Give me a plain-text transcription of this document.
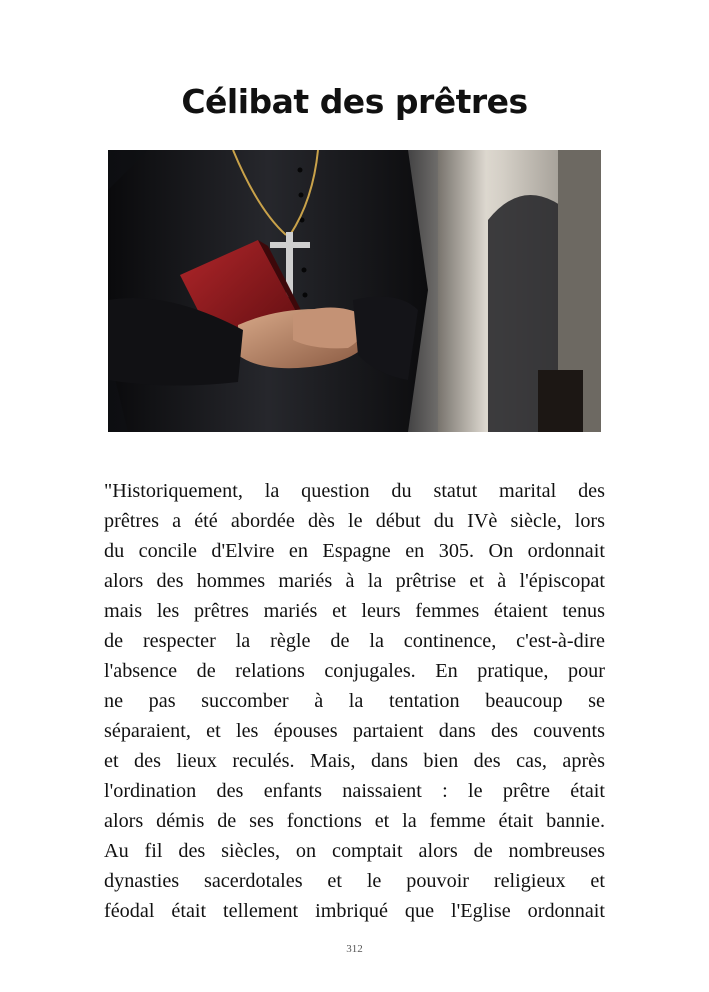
Célibat des prêtres
"Historiquement, la question du statut marital des
prêtres a été abordée dès le début du IVè siècle, lors
du concile d'Elvire en Espagne en 305. On ordonnait
alors des hommes mariés à la prêtrise et à l'épiscopat
mais les prêtres mariés et leurs femmes étaient tenus
de respecter la règle de la continence, c'est-à-dire
l'absence de relations conjugales. En pratique, pour
ne pas succomber à la tentation beaucoup se
séparaient, et les épouses partaient dans des couvents
et des lieux reculés. Mais, dans bien des cas, après
l'ordination des enfants naissaient : le prêtre était
alors démis de ses fonctions et la femme était bannie.
Au fil des siècles, on comptait alors de nombreuses
dynasties sacerdotales et le pouvoir religieux et
féodal était tellement imbriqué que l'Eglise ordonnait
312
